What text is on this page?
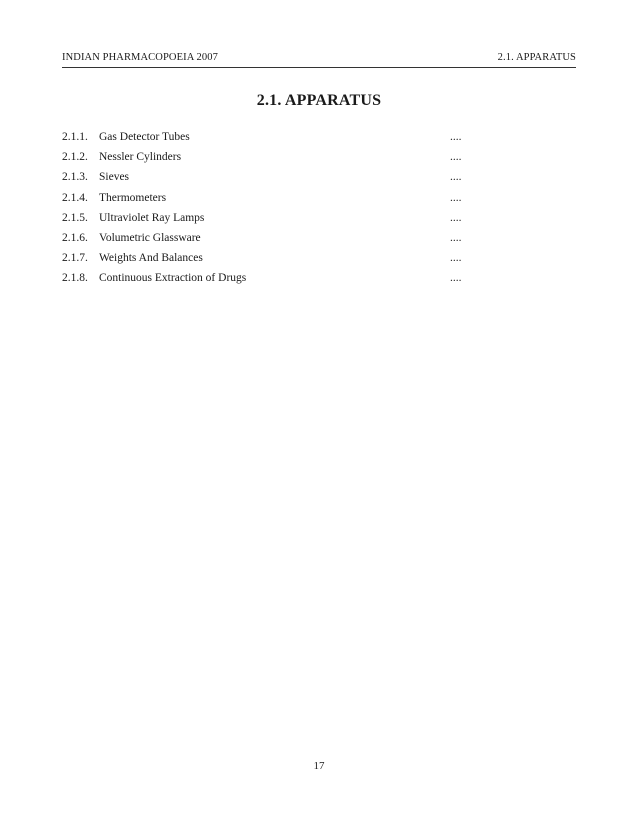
INDIAN PHARMACOPOEIA 2007	2.1. APPARATUS
2.1. APPARATUS
2.1.1. Gas Detector Tubes	....
2.1.2. Nessler Cylinders	....
2.1.3. Sieves	....
2.1.4. Thermometers	....
2.1.5. Ultraviolet Ray Lamps	....
2.1.6. Volumetric Glassware	....
2.1.7. Weights And Balances	....
2.1.8. Continuous Extraction of Drugs	....
17
